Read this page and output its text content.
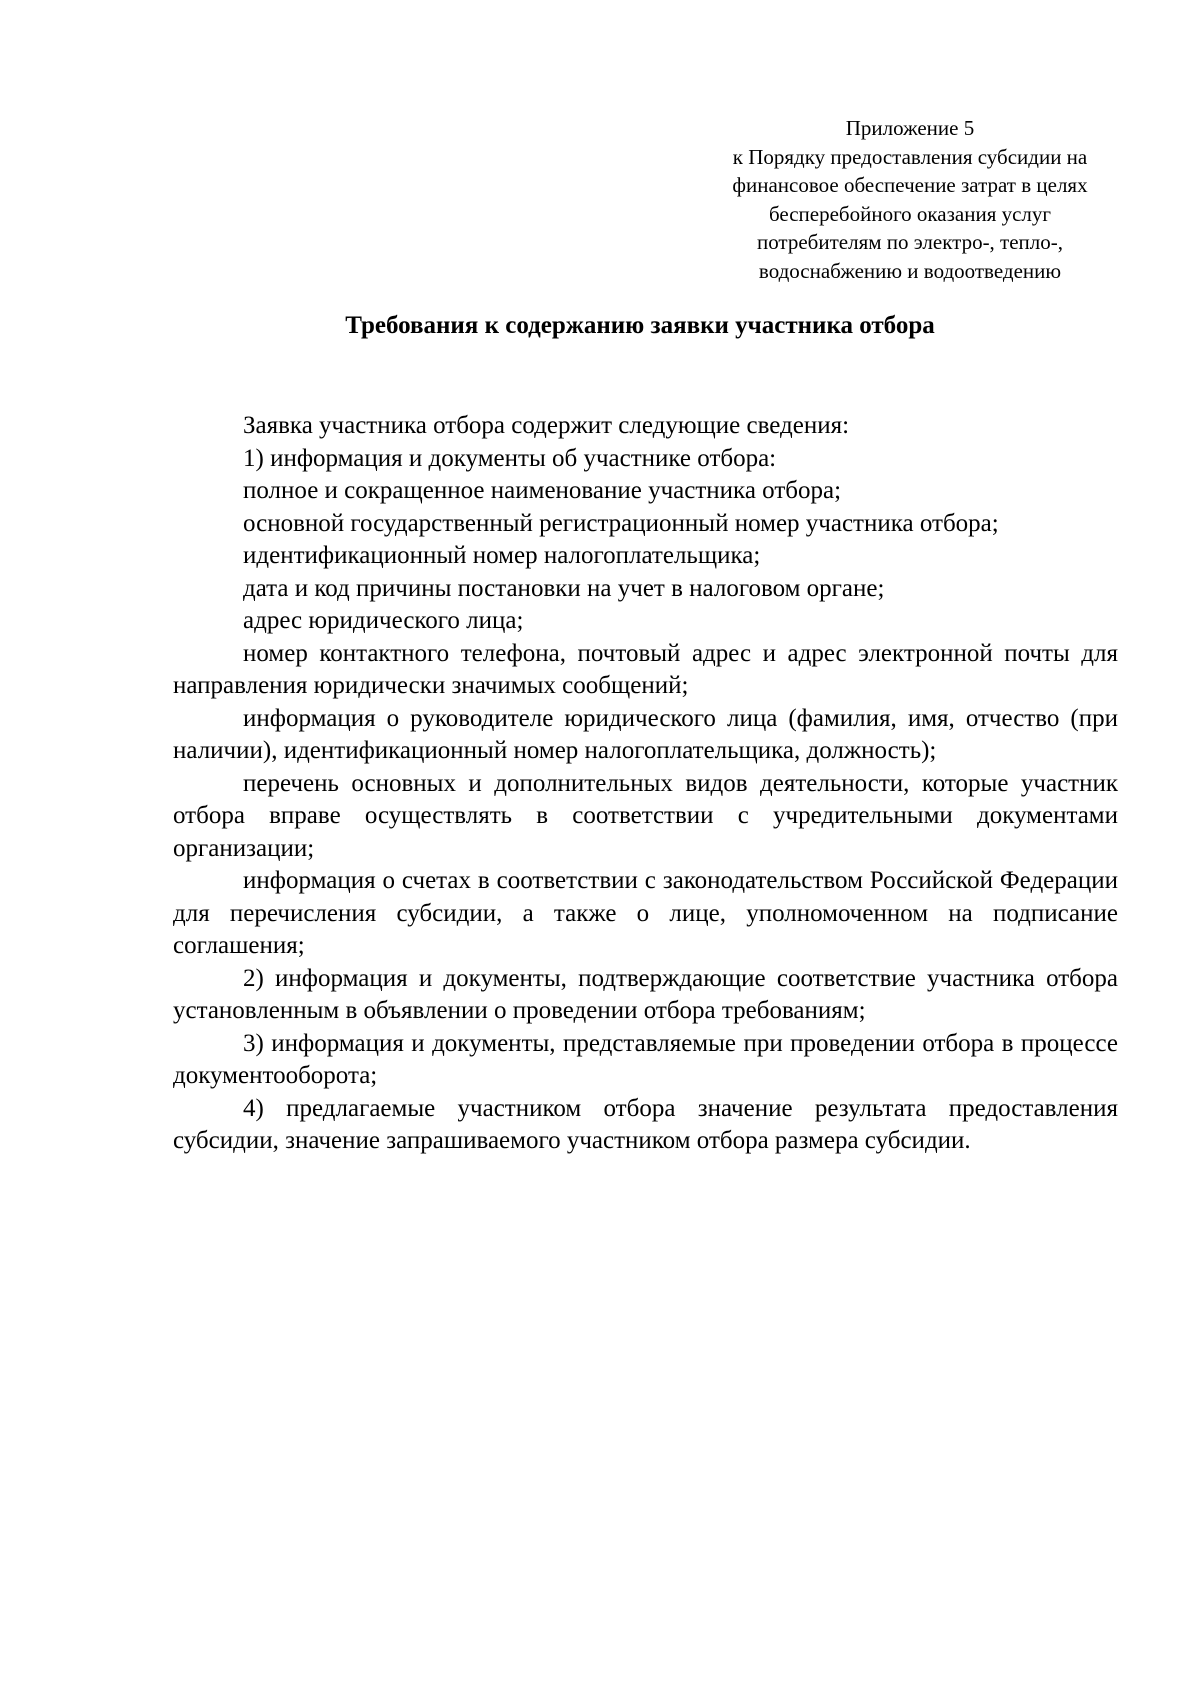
Приложение 5
к Порядку предоставления субсидии на
финансовое обеспечение затрат в целях
бесперебойного оказания услуг
потребителям по электро-, тепло-,
водоснабжению и водоотведению
Требования к содержанию заявки участника отбора

Заявка участника отбора содержит следующие сведения:

1) информация и документы об участнике отбора:

полное и сокращенное наименование участника отбора;

основной государственный регистрационный номер участника отбора;

идентификационный номер налогоплательщика;

дата и код причины постановки на учет в налоговом органе;

адрес юридического лица;

номер контактного телефона, почтовый адрес и адрес электронной почты для направления юридически значимых сообщений;

информация о руководителе юридического лица (фамилия, имя, отчество (при наличии), идентификационный номер налогоплательщика, должность);

перечень основных и дополнительных видов деятельности, которые участник отбора вправе осуществлять в соответствии с учредительными документами организации;

информация о счетах в соответствии с законодательством Российской Федерации для перечисления субсидии, а также о лице, уполномоченном на подписание соглашения;

2) информация и документы, подтверждающие соответствие участника отбора установленным в объявлении о проведении отбора требованиям;

3) информация и документы, представляемые при проведении отбора в процессе документооборота;

4) предлагаемые участником отбора значение результата предоставления субсидии, значение запрашиваемого участником отбора размера субсидии.
